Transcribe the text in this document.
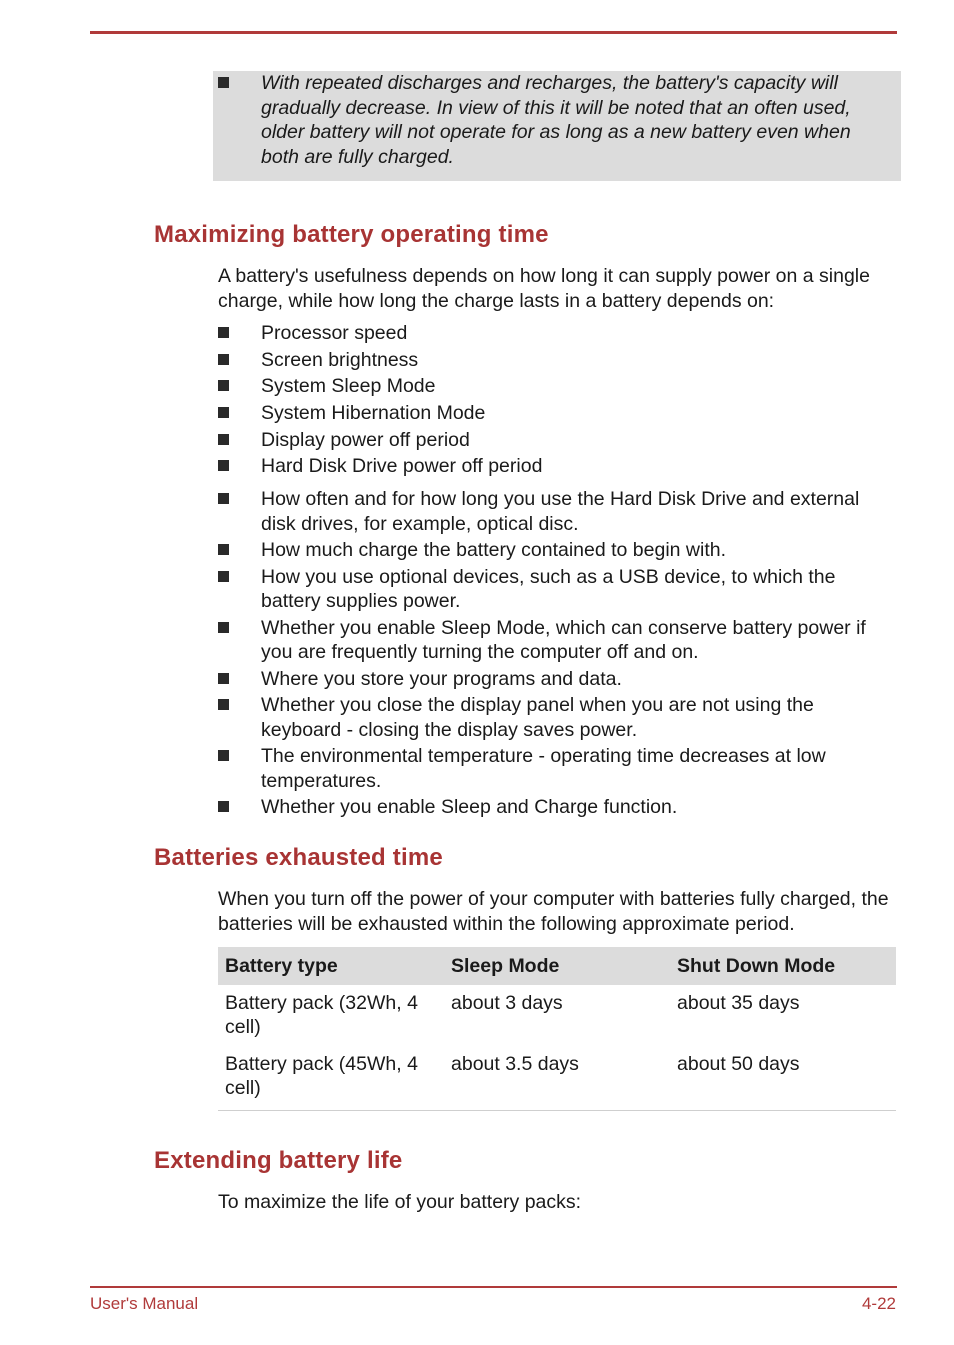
With repeated discharges and recharges, the battery's capacity will gradually decrease. In view of this it will be noted that an often used, older battery will not operate for as long as a new battery even when both are fully charged.
Maximizing battery operating time

A battery's usefulness depends on how long it can supply power on a single charge, while how long the charge lasts in a battery depends on:

Processor speed
Screen brightness
System Sleep Mode
System Hibernation Mode
Display power off period
Hard Disk Drive power off period
How often and for how long you use the Hard Disk Drive and external disk drives, for example, optical disc.
How much charge the battery contained to begin with.
How you use optional devices, such as a USB device, to which the battery supplies power.
Whether you enable Sleep Mode, which can conserve battery power if you are frequently turning the computer off and on.
Where you store your programs and data.
Whether you close the display panel when you are not using the keyboard - closing the display saves power.
The environmental temperature - operating time decreases at low temperatures.
Whether you enable Sleep and Charge function.
Batteries exhausted time

When you turn off the power of your computer with batteries fully charged, the batteries will be exhausted within the following approximate period.

Battery type	Sleep Mode	Shut Down Mode
Battery pack (32Wh, 4 cell)	about 3 days	about 35 days
Battery pack (45Wh, 4 cell)	about 3.5 days	about 50 days
Extending battery life

To maximize the life of your battery packs:

User's Manual	4-22
